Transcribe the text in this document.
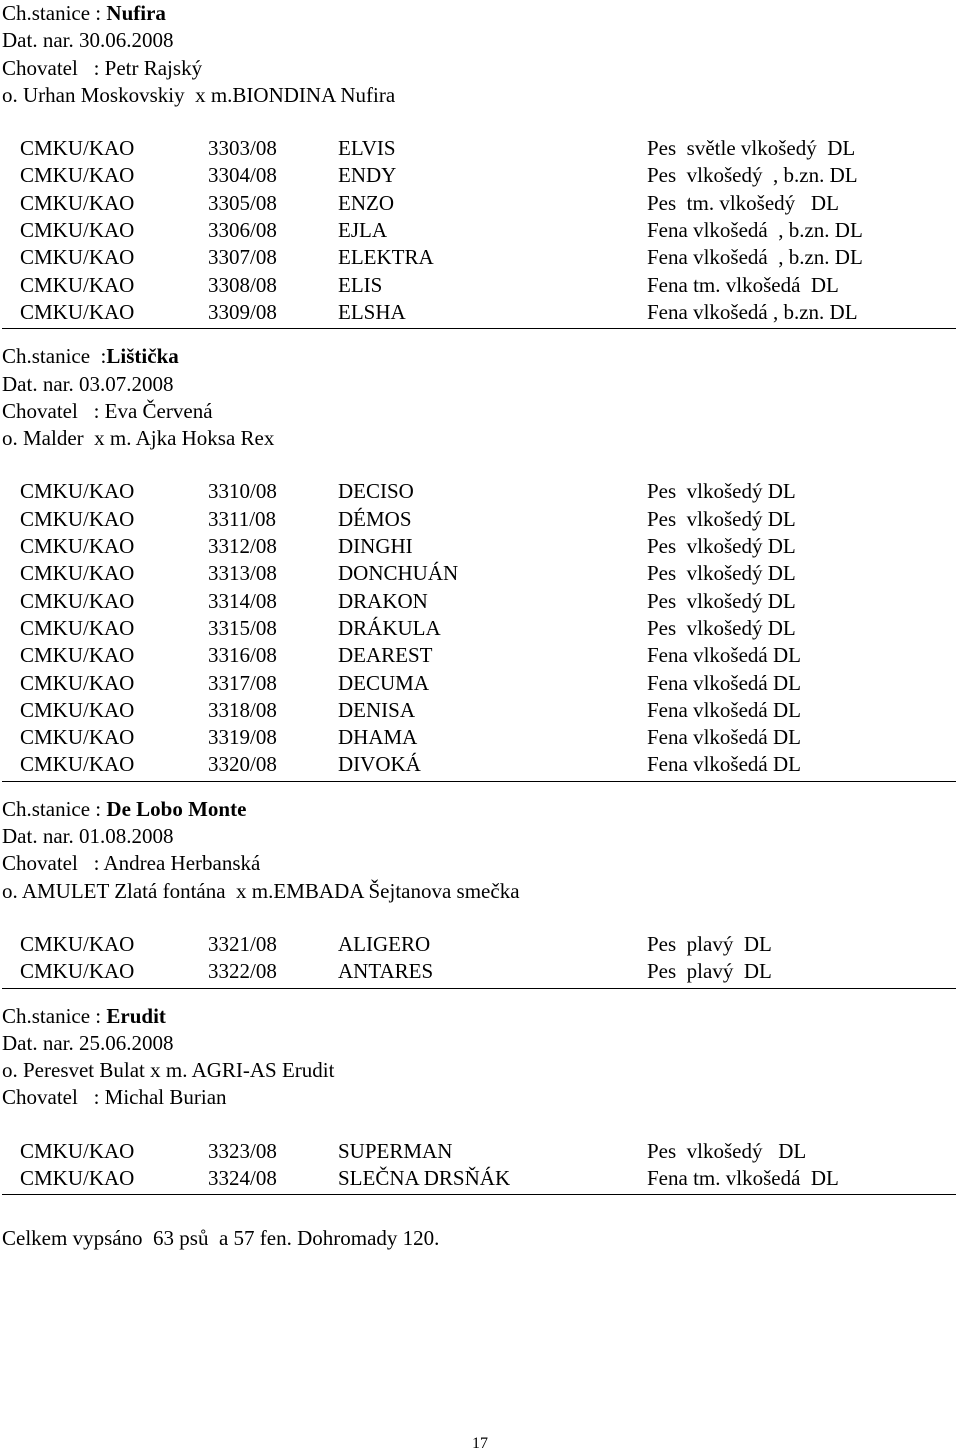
Ch.stanice : Nufira
Dat. nar. 30.06.2008
Chovatel   : Petr Rajský
o. Urhan Moskovskiy  x m.BIONDINA Nufira
CMKU/KAO	3303/08	ELVIS	Pes  světle vlkošedý  DL
CMKU/KAO	3304/08	ENDY	Pes  vlkošedý  , b.zn. DL
CMKU/KAO	3305/08	ENZO	Pes  tm. vlkošedý   DL
CMKU/KAO	3306/08	EJLA	Fena vlkošedá  , b.zn. DL
CMKU/KAO	3307/08	ELEKTRA	Fena vlkošedá  , b.zn. DL
CMKU/KAO	3308/08	ELIS	Fena tm. vlkošedá  DL
CMKU/KAO	3309/08	ELSHA	Fena vlkošedá , b.zn. DL
Ch.stanice  :Lištička
Dat. nar. 03.07.2008
Chovatel   : Eva Červená
o. Malder  x m. Ajka Hoksa Rex
CMKU/KAO	3310/08	DECISO	Pes  vlkošedý DL
CMKU/KAO	3311/08	DÉMOS	Pes  vlkošedý DL
CMKU/KAO	3312/08	DINGHI	Pes  vlkošedý DL
CMKU/KAO	3313/08	DONCHUÁN	Pes  vlkošedý DL
CMKU/KAO	3314/08	DRAKON	Pes  vlkošedý DL
CMKU/KAO	3315/08	DRÁKULA	Pes  vlkošedý DL
CMKU/KAO	3316/08	DEAREST	Fena vlkošedá DL
CMKU/KAO	3317/08	DECUMA	Fena vlkošedá DL
CMKU/KAO	3318/08	DENISA	Fena vlkošedá DL
CMKU/KAO	3319/08	DHAMA	Fena vlkošedá DL
CMKU/KAO	3320/08	DIVOKÁ	Fena vlkošedá DL
Ch.stanice : De Lobo Monte
Dat. nar. 01.08.2008
Chovatel   : Andrea Herbanská
o. AMULET Zlatá fontána  x m.EMBADA Šejtanova smečka
CMKU/KAO	3321/08	ALIGERO	Pes  plavý  DL
CMKU/KAO	3322/08	ANTARES	Pes  plavý  DL
Ch.stanice : Erudit
Dat. nar. 25.06.2008
o. Peresvet Bulat x m. AGRI-AS Erudit
Chovatel   : Michal Burian
CMKU/KAO	3323/08	SUPERMAN	Pes  vlkošedý   DL
CMKU/KAO	3324/08	SLEČNA DRSŇÁK	Fena tm. vlkošedá  DL
Celkem vypsáno  63 psů  a 57 fen. Dohromady 120.
17
